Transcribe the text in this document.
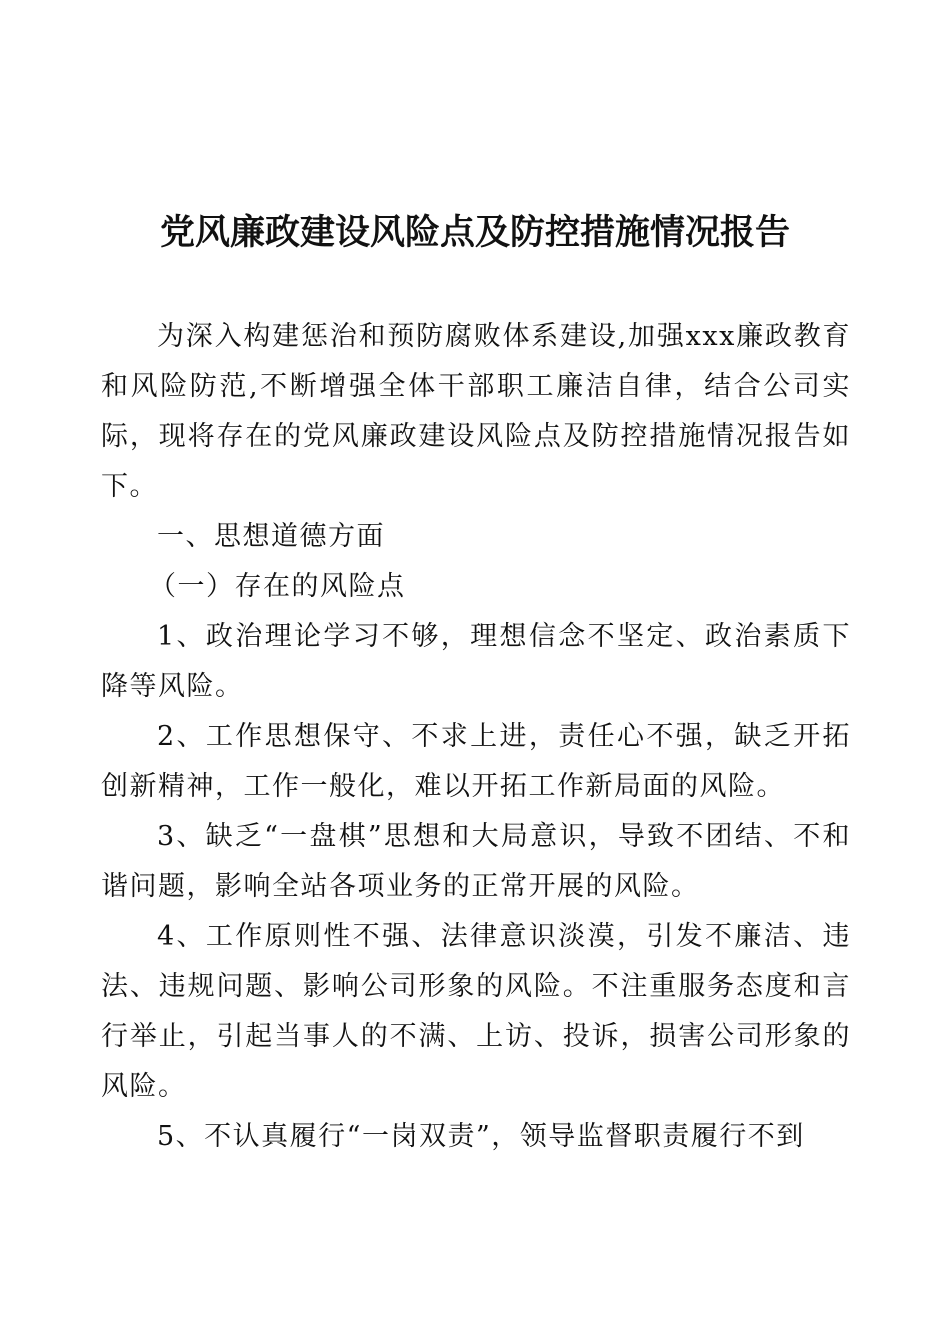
党风廉政建设风险点及防控措施情况报告

为深入构建惩治和预防腐败体系建设,加强xxx廉政教育和风险防范,不断增强全体干部职工廉洁自律，结合公司实际，现将存在的党风廉政建设风险点及防控措施情况报告如下。

一、思想道德方面

（一）存在的风险点

1、政治理论学习不够，理想信念不坚定、政治素质下降等风险。

2、工作思想保守、不求上进，责任心不强，缺乏开拓创新精神，工作一般化，难以开拓工作新局面的风险。

3、缺乏“一盘棋”思想和大局意识，导致不团结、不和谐问题，影响全站各项业务的正常开展的风险。

4、工作原则性不强、法律意识淡漠，引发不廉洁、违法、违规问题、影响公司形象的风险。不注重服务态度和言行举止，引起当事人的不满、上访、投诉，损害公司形象的风险。

5、不认真履行“一岗双责”，领导监督职责履行不到
